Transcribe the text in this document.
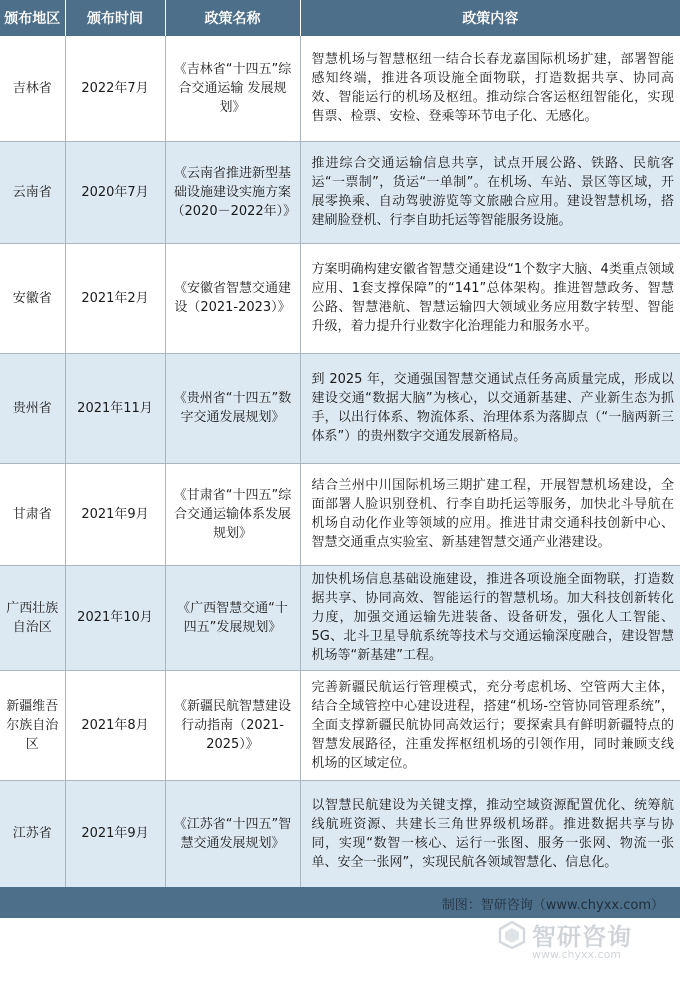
颁布地区	颁布时间	政策名称	政策内容
吉林省	2022年7月	《吉林省“十四五”综合交通运输 发展规划》	智慧机场与智慧枢纽一结合长春龙嘉国际机场扩建，部署智能感知终端，推进各项设施全面物联，打造数据共享、协同高效、智能运行的机场及枢纽。推动综合客运枢纽智能化，实现售票、检票、安检、登乘等环节电子化、无感化。
云南省	2020年7月	《云南省推进新型基础设施建设实施方案（2020－2022年）》	推进综合交通运输信息共享，试点开展公路、铁路、民航客运“一票制”，货运“一单制”。在机场、车站、景区等区域，开展零换乘、自动驾驶游览等文旅融合应用。建设智慧机场，搭建刷脸登机、行李自助托运等智能服务设施。
安徽省	2021年2月	《安徽省智慧交通建设（2021-2023）》	方案明确构建安徽省智慧交通建设“1个数字大脑、4类重点领域应用、1套支撑保障”的“141”总体架构。推进智慧政务、智慧公路、智慧港航、智慧运输四大领域业务应用数字转型、智能升级，着力提升行业数字化治理能力和服务水平。
贵州省	2021年11月	《贵州省“十四五”数字交通发展规划》	到 2025 年，交通强国智慧交通试点任务高质量完成，形成以建设交通“数据大脑”为核心，以交通新基建、产业新生态为抓手，以出行体系、物流体系、治理体系为落脚点（“一脑两新三体系”）的贵州数字交通发展新格局。
甘肃省	2021年9月	《甘肃省“十四五”综合交通运输体系发展规划》	结合兰州中川国际机场三期扩建工程，开展智慧机场建设，全面部署人脸识别登机、行李自助托运等服务，加快北斗导航在机场自动化作业等领域的应用。推进甘肃交通科技创新中心、智慧交通重点实验室、新基建智慧交通产业港建设。
广西壮族自治区	2021年10月	《广西智慧交通“十四五”发展规划》	加快机场信息基础设施建设，推进各项设施全面物联，打造数据共享、协同高效、智能运行的智慧机场。加大科技创新转化力度，加强交通运输先进装备、设备研发，强化人工智能、5G、北斗卫星导航系统等技术与交通运输深度融合，建设智慧机场等“新基建”工程。
新疆维吾尔族自治区	2021年8月	《新疆民航智慧建设行动指南（2021-2025）》	完善新疆民航运行管理模式，充分考虑机场、空管两大主体，结合全域管控中心建设进程，搭建“机场-空管协同管理系统”，全面支撑新疆民航协同高效运行；要探索具有鲜明新疆特点的智慧发展路径，注重发挥枢纽机场的引领作用，同时兼顾支线机场的区域定位。
江苏省	2021年9月	《江苏省“十四五”智慧交通发展规划》	以智慧民航建设为关键支撑，推动空域资源配置优化、统筹航线航班资源、共建长三角世界级机场群。推进数据共享与协同，实现“数智一核心、运行一张图、服务一张网、物流一张单、安全一张网”，实现民航各领域智慧化、信息化。
制图：智研咨询（www.chyxx.com）
智研咨询
www.chyxx.com
